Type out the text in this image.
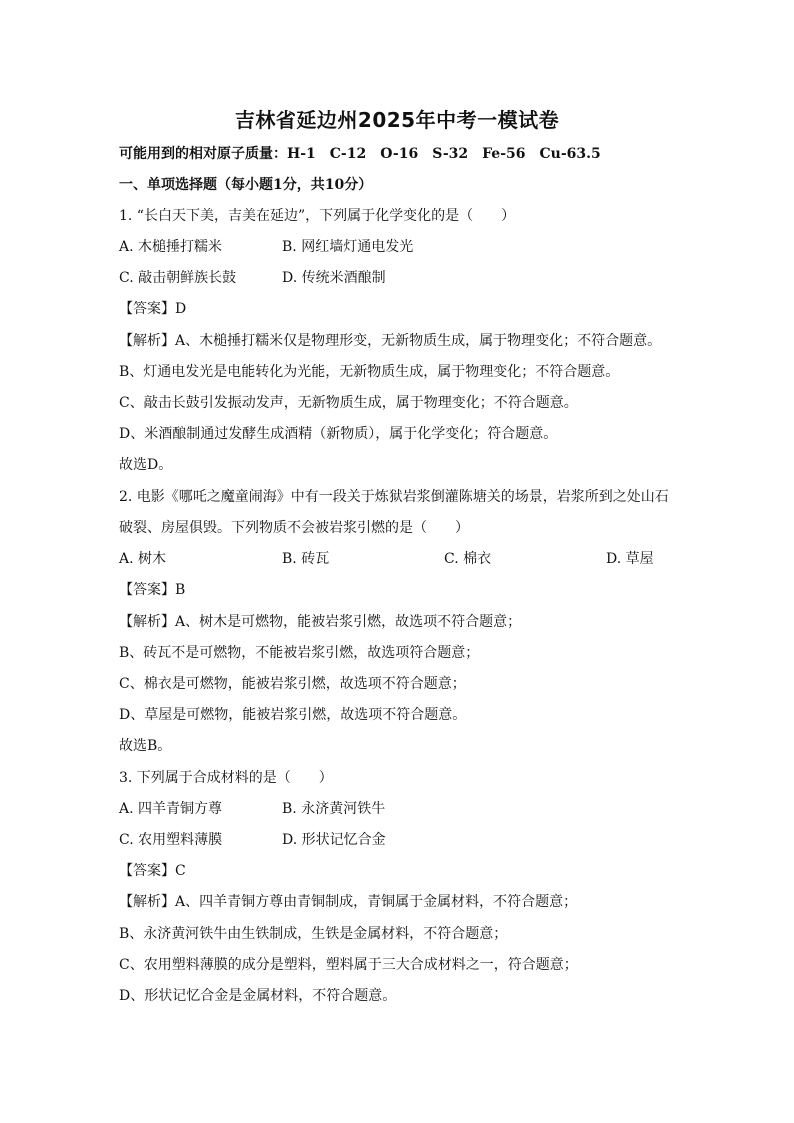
吉林省延边州2025年中考一模试卷
可能用到的相对原子质量：H-1　C-12　O-16　S-32　Fe-56　Cu-63.5
一、单项选择题（每小题1分，共10分）
1. “长白天下美，吉美在延边”，下列属于化学变化的是（　　）
A. 木槌捶打糯米	B. 网红墙灯通电发光
C. 敲击朝鲜族长鼓	D. 传统米酒酿制
【答案】D
【解析】A、木槌捶打糯米仅是物理形变，无新物质生成，属于物理变化；不符合题意。
B、灯通电发光是电能转化为光能，无新物质生成，属于物理变化；不符合题意。
C、敲击长鼓引发振动发声，无新物质生成，属于物理变化；不符合题意。
D、米酒酿制通过发酵生成酒精（新物质），属于化学变化；符合题意。
故选D。
2. 电影《哪吒之魔童闹海》中有一段关于炼狱岩浆倒灌陈塘关的场景，岩浆所到之处山石
破裂、房屋俱毁。下列物质不会被岩浆引燃的是（　　）
A. 树木	B. 砖瓦	C. 棉衣	D. 草屋
【答案】B
【解析】A、树木是可燃物，能被岩浆引燃，故选项不符合题意；
B、砖瓦不是可燃物，不能被岩浆引燃，故选项符合题意；
C、棉衣是可燃物，能被岩浆引燃，故选项不符合题意；
D、草屋是可燃物，能被岩浆引燃，故选项不符合题意。
故选B。
3. 下列属于合成材料的是（　　）
A. 四羊青铜方尊	B. 永济黄河铁牛
C. 农用塑料薄膜	D. 形状记忆合金
【答案】C
【解析】A、四羊青铜方尊由青铜制成，青铜属于金属材料，不符合题意；
B、永济黄河铁牛由生铁制成，生铁是金属材料，不符合题意；
C、农用塑料薄膜的成分是塑料，塑料属于三大合成材料之一，符合题意；
D、形状记忆合金是金属材料，不符合题意。
